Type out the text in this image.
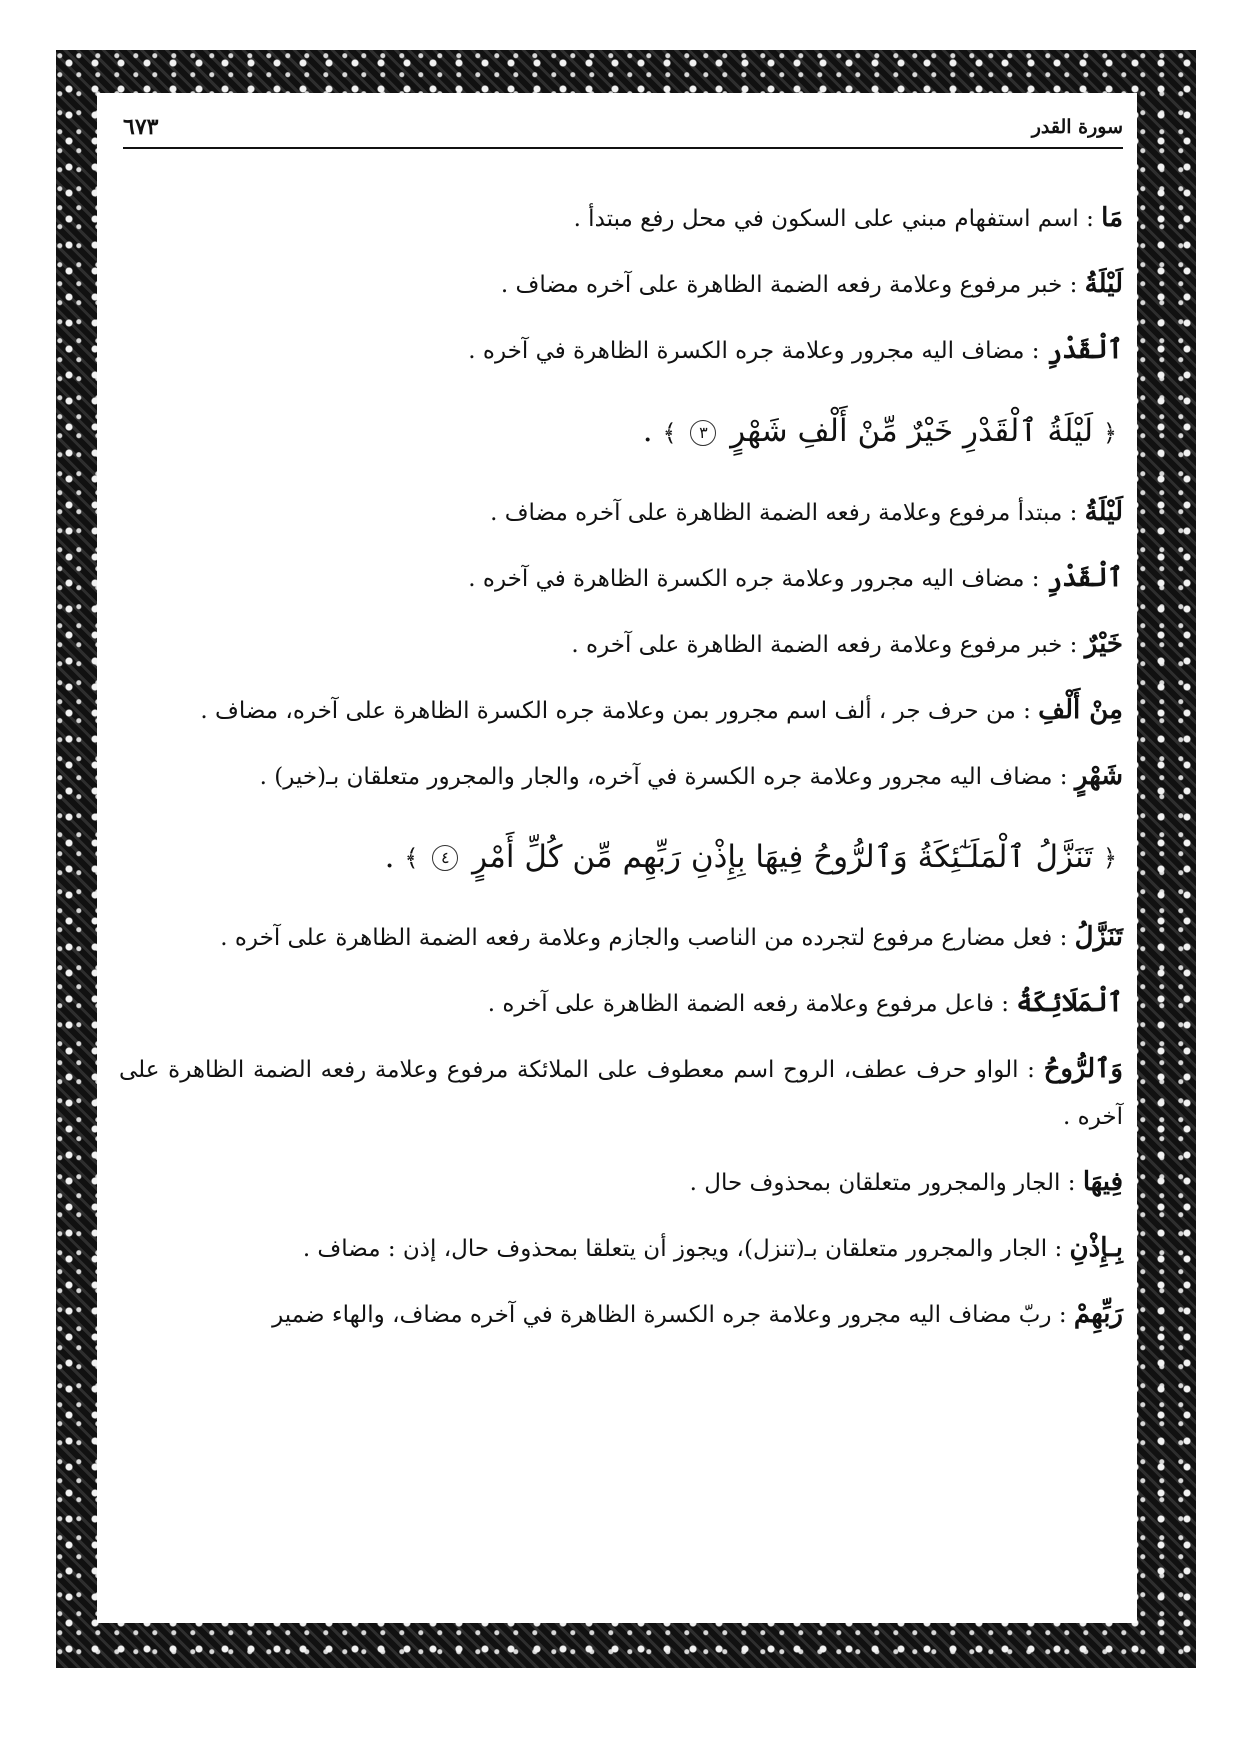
٦٧٣	سورة القدر

مَا : اسم استفهام مبني على السكون في محل رفع مبتدأ .

لَيْلَةُ : خبر مرفوع وعلامة رفعه الضمة الظاهرة على آخره مضاف .

ٱلْقَدْرِ : مضاف اليه مجرور وعلامة جره الكسرة الظاهرة في آخره .

﴿ لَيْلَةُ ٱلْقَدْرِ خَيْرٌ مِّنْ أَلْفِ شَهْرٍ ٣ ﴾ .

لَيْلَةُ : مبتدأ مرفوع وعلامة رفعه الضمة الظاهرة على آخره مضاف .

ٱلْقَدْرِ : مضاف اليه مجرور وعلامة جره الكسرة الظاهرة في آخره .

خَيْرٌ : خبر مرفوع وعلامة رفعه الضمة الظاهرة على آخره .

مِنْ أَلْفِ : من حرف جر ، ألف اسم مجرور بمن وعلامة جره الكسرة الظاهرة على آخره، مضاف .

شَهْرٍ : مضاف اليه مجرور وعلامة جره الكسرة في آخره، والجار والمجرور متعلقان بـ(خير) .

﴿ تَنَزَّلُ ٱلْمَلَـٰٓئِكَةُ وَٱلرُّوحُ فِيهَا بِإِذْنِ رَبِّهِم مِّن كُلِّ أَمْرٍ ٤ ﴾ .

تَنَزَّلُ : فعل مضارع مرفوع لتجرده من الناصب والجازم وعلامة رفعه الضمة الظاهرة على آخره .

ٱلْمَلَائِكَةُ : فاعل مرفوع وعلامة رفعه الضمة الظاهرة على آخره .

وَٱلرُّوحُ : الواو حرف عطف، الروح اسم معطوف على الملائكة مرفوع وعلامة رفعه الضمة الظاهرة على آخره .

فِيهَا : الجار والمجرور متعلقان بمحذوف حال .

بِـإِذْنِ : الجار والمجرور متعلقان بـ(تنزل)، ويجوز أن يتعلقا بمحذوف حال، إذن : مضاف .

رَبِّهِمْ : ربّ مضاف اليه مجرور وعلامة جره الكسرة الظاهرة في آخره مضاف، والهاء ضمير
